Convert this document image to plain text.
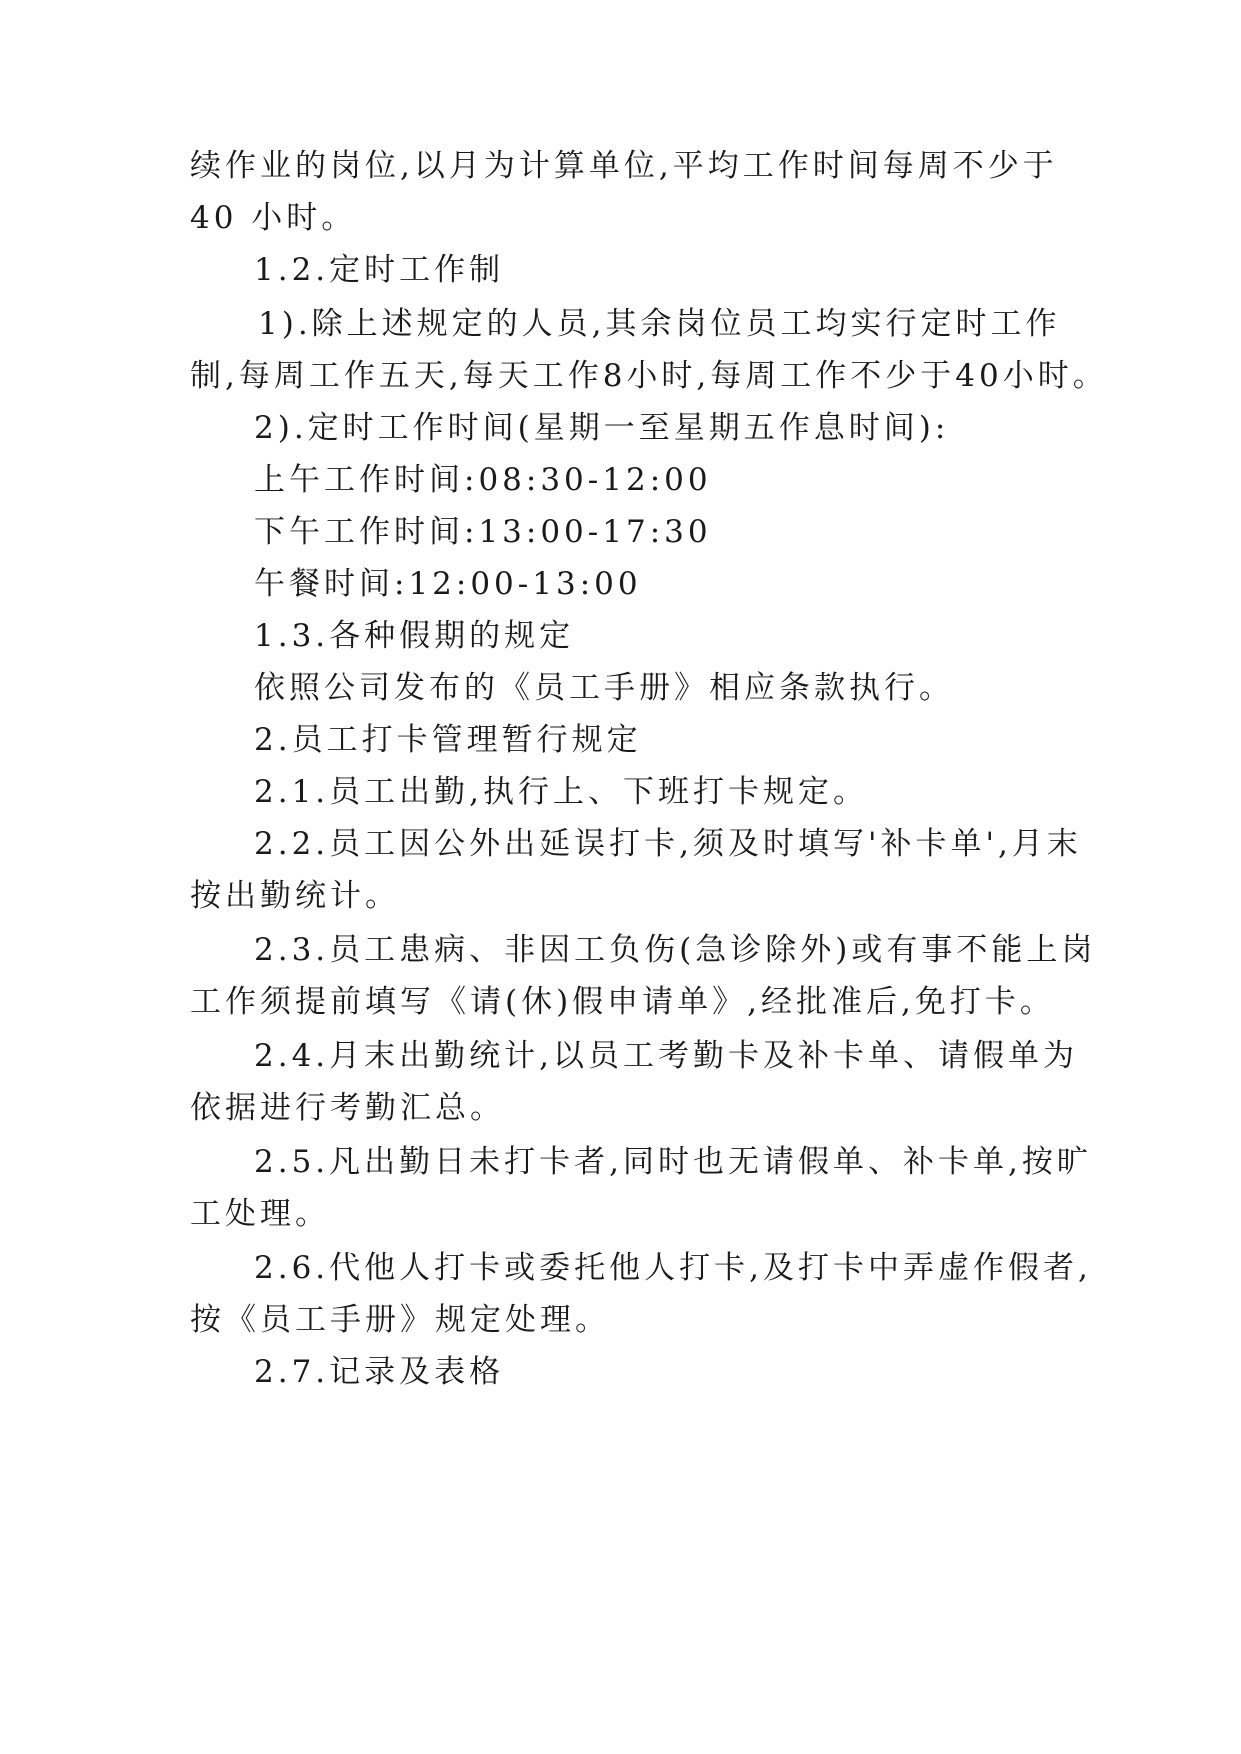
续作业的岗位,以月为计算单位,平均工作时间每周不少于
40 小时。
1.2.定时工作制
1).除上述规定的人员,其余岗位员工均实行定时工作
制,每周工作五天,每天工作8小时,每周工作不少于40小时。
2).定时工作时间(星期一至星期五作息时间):
上午工作时间:08:30-12:00
下午工作时间:13:00-17:30
午餐时间:12:00-13:00
1.3.各种假期的规定
依照公司发布的《员工手册》相应条款执行。
2.员工打卡管理暂行规定
2.1.员工出勤,执行上、下班打卡规定。
2.2.员工因公外出延误打卡,须及时填写'补卡单',月末
按出勤统计。
2.3.员工患病、非因工负伤(急诊除外)或有事不能上岗
工作须提前填写《请(休)假申请单》,经批准后,免打卡。
2.4.月末出勤统计,以员工考勤卡及补卡单、请假单为
依据进行考勤汇总。
2.5.凡出勤日未打卡者,同时也无请假单、补卡单,按旷
工处理。
2.6.代他人打卡或委托他人打卡,及打卡中弄虚作假者,
按《员工手册》规定处理。
2.7.记录及表格
